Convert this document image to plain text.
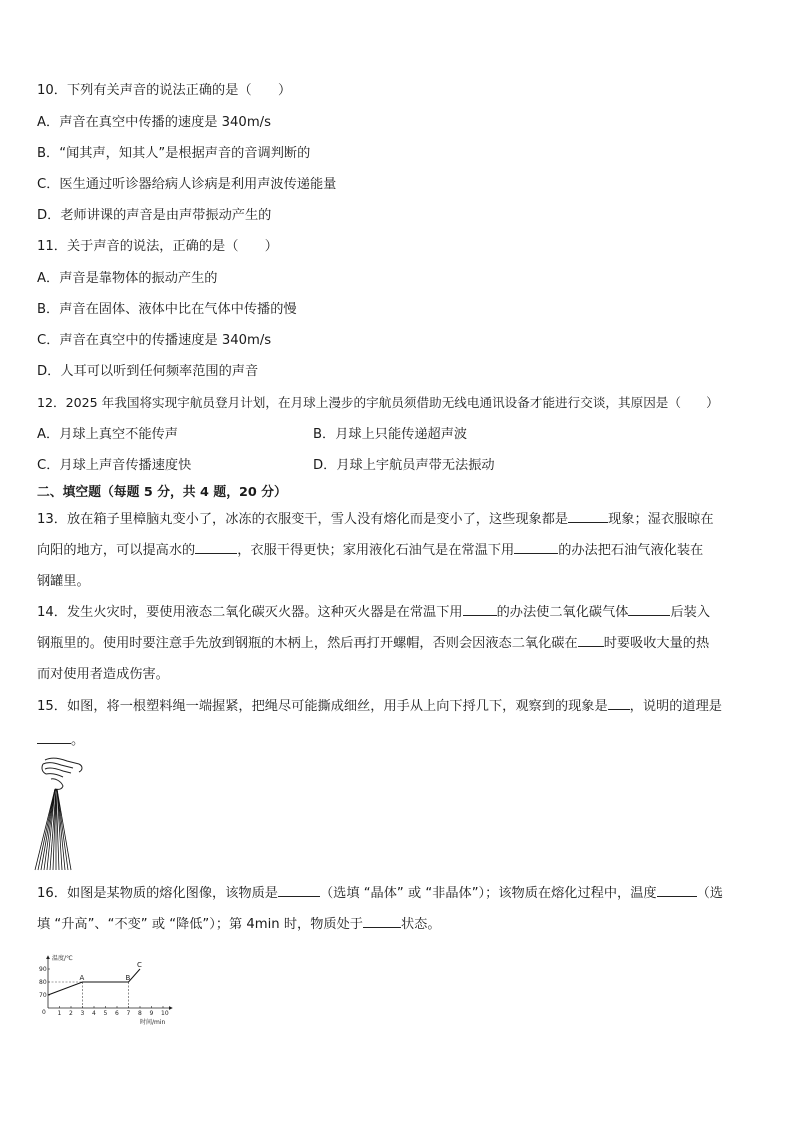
10．下列有关声音的说法正确的是（　　）
A．声音在真空中传播的速度是 340m/s
B．“闻其声，知其人”是根据声音的音调判断的
C．医生通过听诊器给病人诊病是利用声波传递能量
D．老师讲课的声音是由声带振动产生的
11．关于声音的说法，正确的是（　　）
A．声音是靠物体的振动产生的
B．声音在固体、液体中比在气体中传播的慢
C．声音在真空中的传播速度是 340m/s
D．人耳可以听到任何频率范围的声音
12．2025 年我国将实现宇航员登月计划，在月球上漫步的宇航员须借助无线电通讯设备才能进行交谈，其原因是（　　）
A．月球上真空不能传声	B．月球上只能传递超声波
C．月球上声音传播速度快	D．月球上宇航员声带无法振动
二、填空题（每题 5 分，共 4 题，20 分）
13．放在箱子里樟脑丸变小了，冰冻的衣服变干，雪人没有熔化而是变小了，这些现象都是	现象；湿衣服晾在
向阳的地方，可以提高水的	，衣服干得更快；家用液化石油气是在常温下用	的办法把石油气液化装在
钢罐里。
14．发生火灾时，要使用液态二氧化碳灭火器。这种灭火器是在常温下用	的办法使二氧化碳气体	后装入
钢瓶里的。使用时要注意手先放到钢瓶的木柄上，然后再打开螺帽，否则会因液态二氧化碳在 时要吸收大量的热
而对使用者造成伤害。
15．如图，将一根塑料绳一端握紧，把绳尽可能撕成细丝，用手从上向下捋几下，观察到的现象是 ，说明的道理是
。
16．如图是某物质的熔化图像，该物质是	（选填 “晶体” 或 “非晶体”）；该物质在熔化过程中，温度	（选
填 “升高”、“不变” 或 “降低”）；第 4min 时，物质处于	状态。
温度/℃
时间/min
0 1 2 3 4 5 6 7 8 9 10
70
80
90
A	B
C
